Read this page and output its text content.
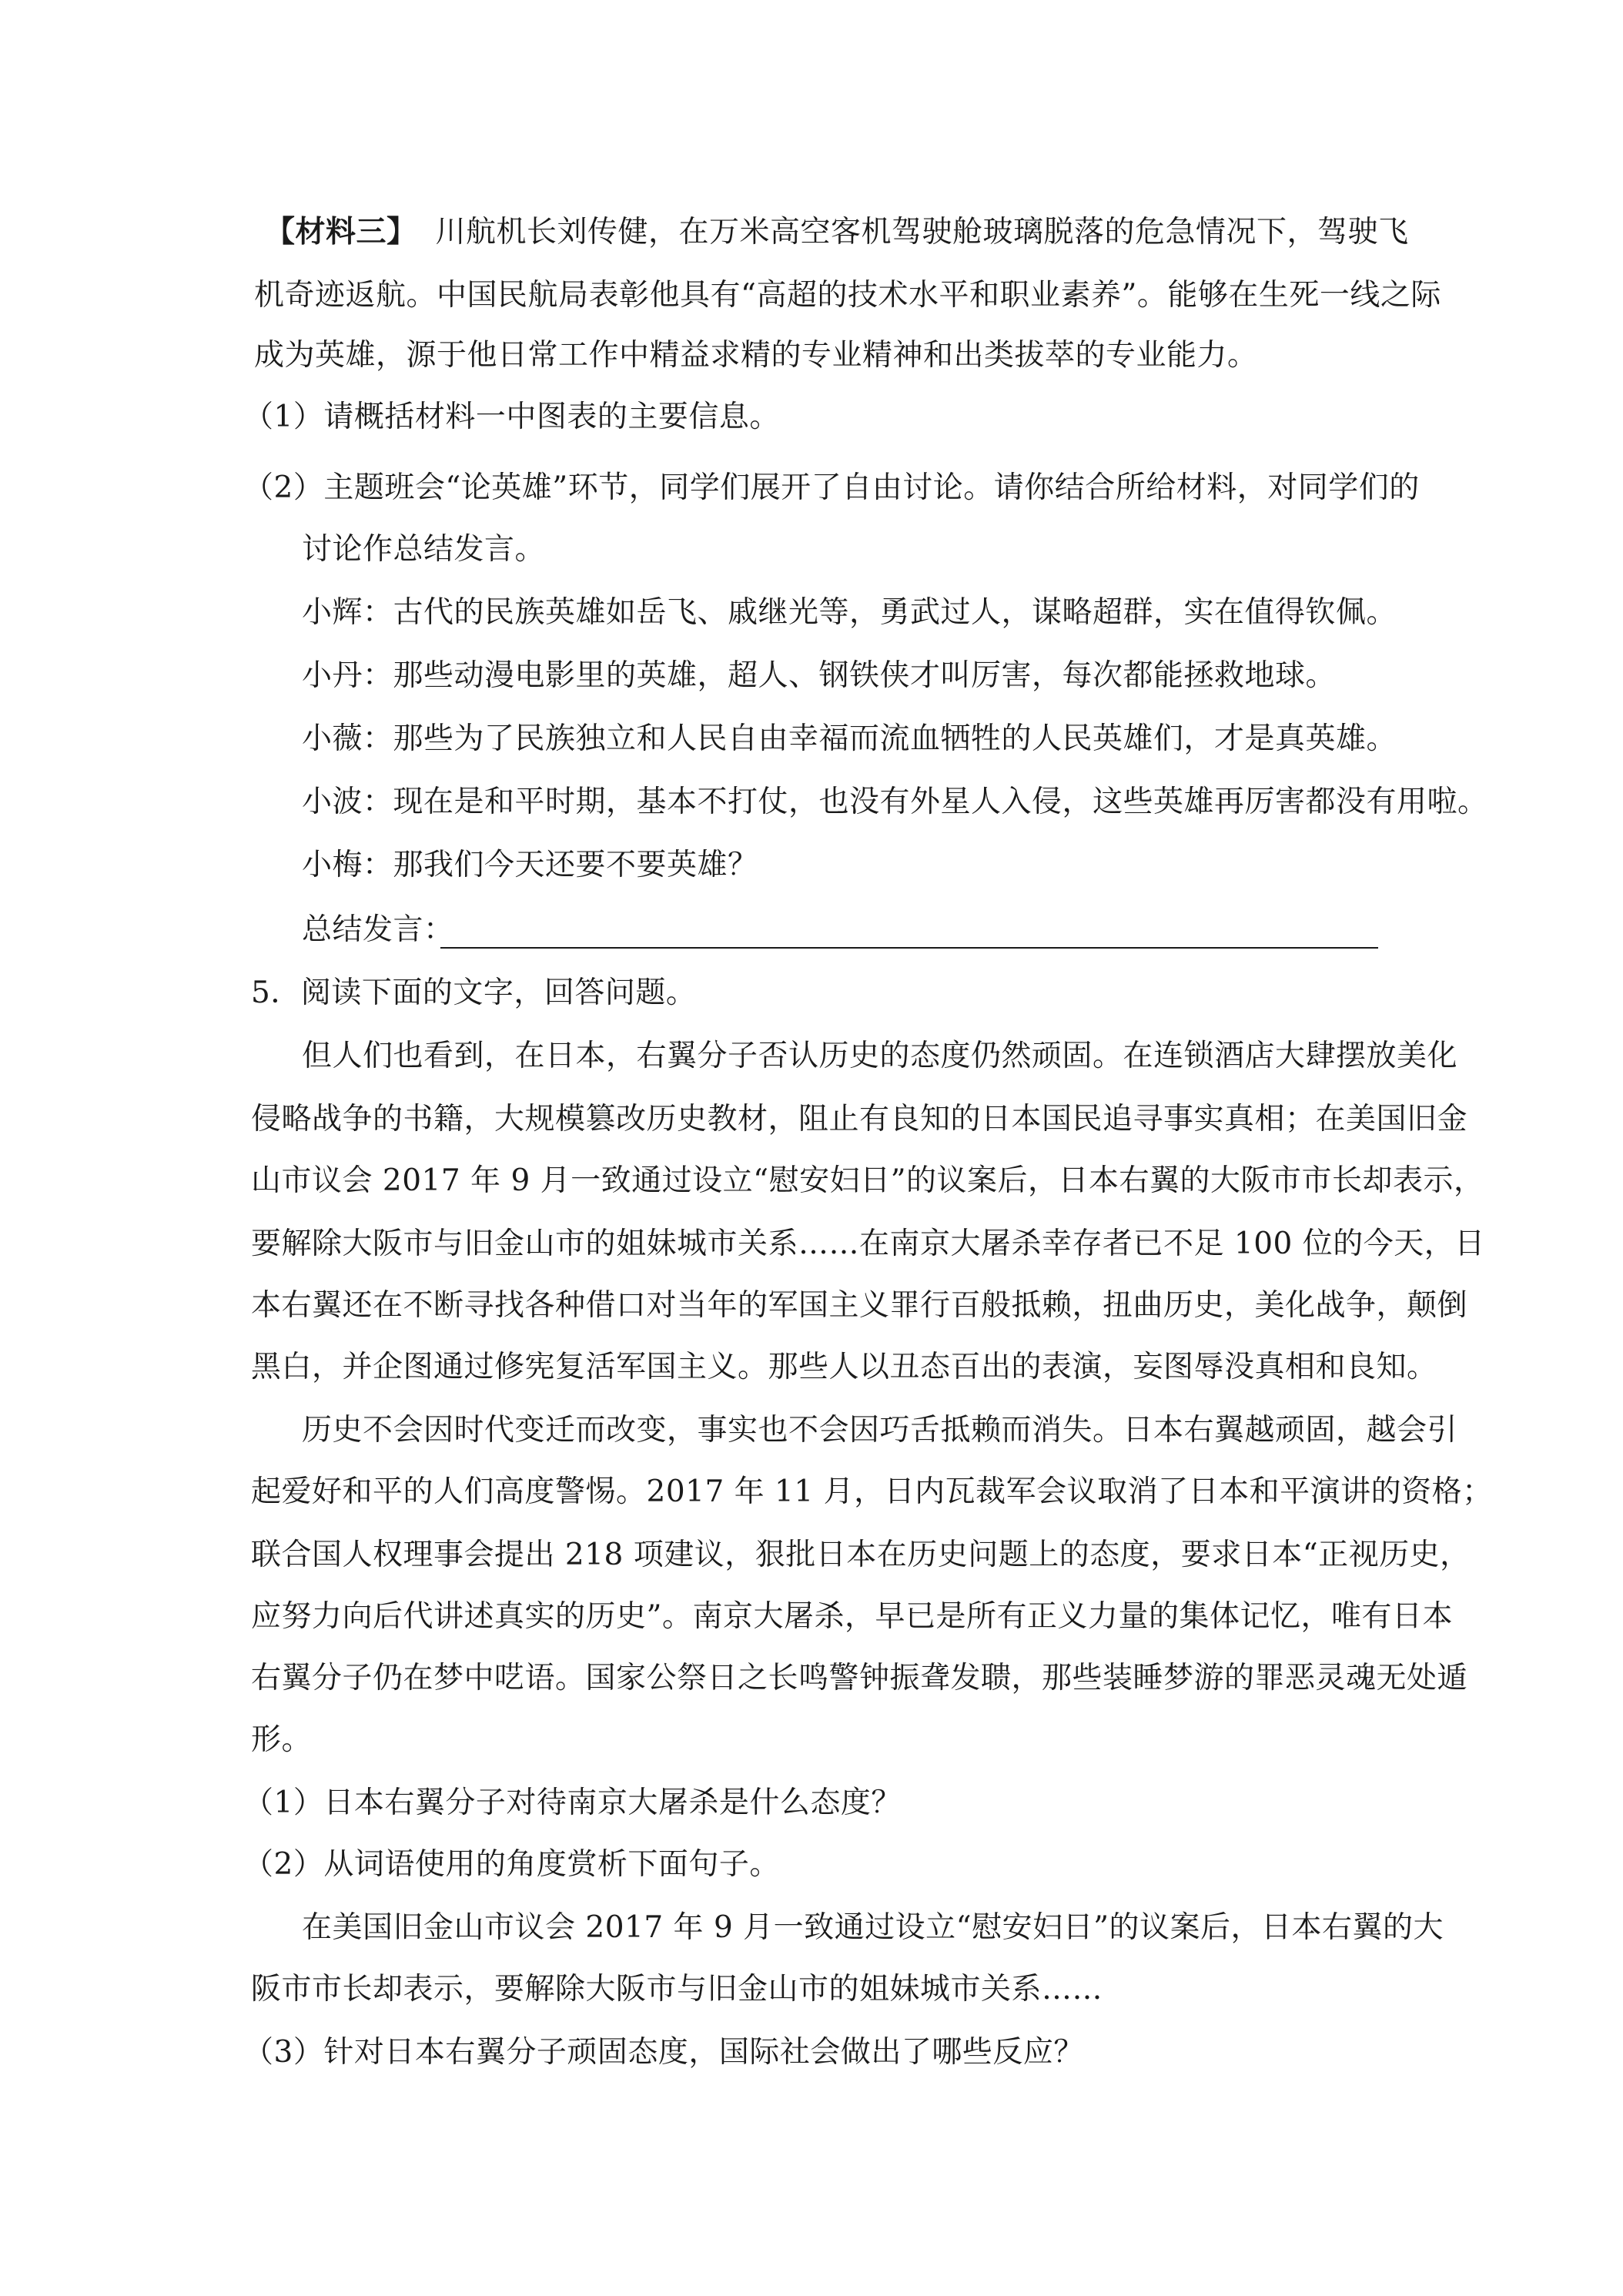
【材料三】 川航机长刘传健，在万米高空客机驾驶舱玻璃脱落的危急情况下，驾驶飞
机奇迹返航。中国民航局表彰他具有“高超的技术水平和职业素养”。能够在生死一线之际
成为英雄，源于他日常工作中精益求精的专业精神和出类拔萃的专业能力。
（1）请概括材料一中图表的主要信息。
（2）主题班会“论英雄”环节，同学们展开了自由讨论。请你结合所给材料，对同学们的
讨论作总结发言。
小辉：古代的民族英雄如岳飞、戚继光等，勇武过人，谋略超群，实在值得钦佩。
小丹：那些动漫电影里的英雄，超人、钢铁侠才叫厉害，每次都能拯救地球。
小薇：那些为了民族独立和人民自由幸福而流血牺牲的人民英雄们，才是真英雄。
小波：现在是和平时期，基本不打仗，也没有外星人入侵，这些英雄再厉害都没有用啦。
小梅：那我们今天还要不要英雄？
总结发言：
5．阅读下面的文字，回答问题。
但人们也看到，在日本，右翼分子否认历史的态度仍然顽固。在连锁酒店大肆摆放美化
侵略战争的书籍，大规模篡改历史教材，阻止有良知的日本国民追寻事实真相；在美国旧金
山市议会 2017 年 9 月一致通过设立“慰安妇日”的议案后，日本右翼的大阪市市长却表示，
要解除大阪市与旧金山市的姐妹城市关系……在南京大屠杀幸存者已不足 100 位的今天，日
本右翼还在不断寻找各种借口对当年的军国主义罪行百般抵赖，扭曲历史，美化战争，颠倒
黑白，并企图通过修宪复活军国主义。那些人以丑态百出的表演，妄图辱没真相和良知。
历史不会因时代变迁而改变，事实也不会因巧舌抵赖而消失。日本右翼越顽固，越会引
起爱好和平的人们高度警惕。2017 年 11 月，日内瓦裁军会议取消了日本和平演讲的资格；
联合国人权理事会提出 218 项建议，狠批日本在历史问题上的态度，要求日本“正视历史，
应努力向后代讲述真实的历史”。南京大屠杀，早已是所有正义力量的集体记忆，唯有日本
右翼分子仍在梦中呓语。国家公祭日之长鸣警钟振聋发聩，那些装睡梦游的罪恶灵魂无处遁
形。
（1）日本右翼分子对待南京大屠杀是什么态度？
（2）从词语使用的角度赏析下面句子。
在美国旧金山市议会 2017 年 9 月一致通过设立“慰安妇日”的议案后，日本右翼的大
阪市市长却表示，要解除大阪市与旧金山市的姐妹城市关系……
（3）针对日本右翼分子顽固态度，国际社会做出了哪些反应？
